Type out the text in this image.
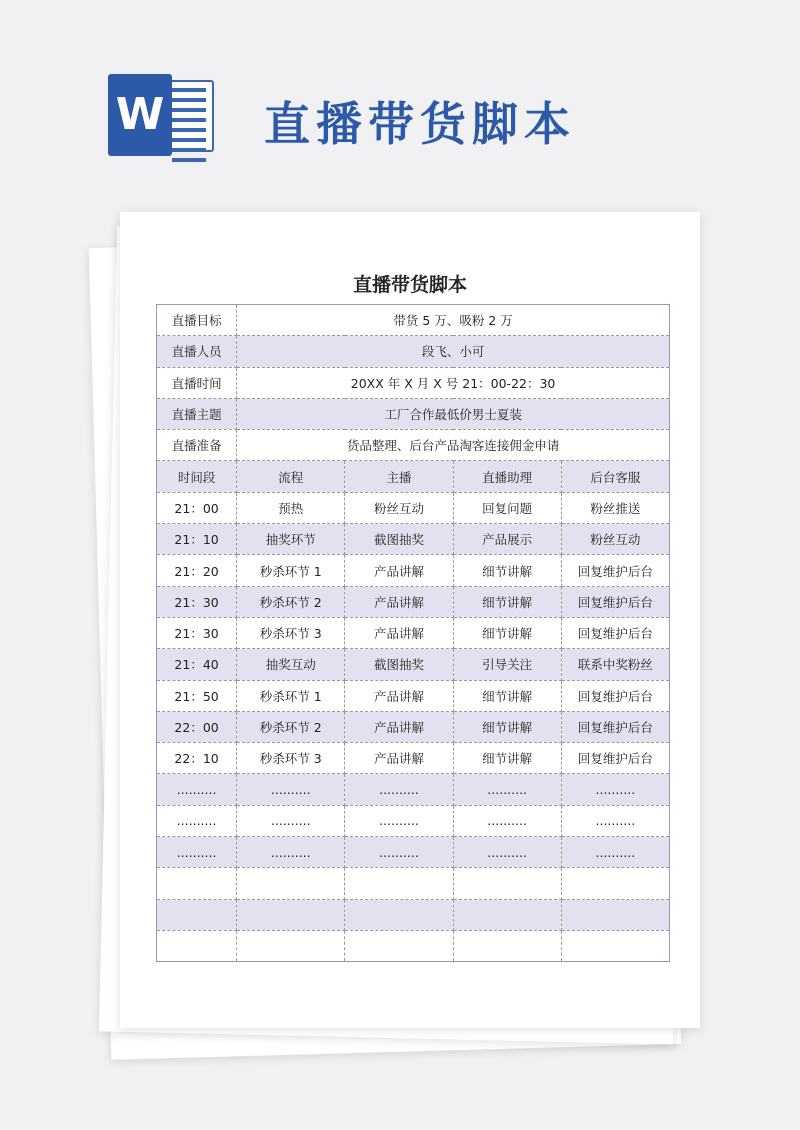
W 直播带货脚本
直播带货脚本
直播目标	带货 5 万、吸粉 2 万			
直播人员	段飞、小可			
直播时间	20XX 年 X 月 X 号 21：00-22：30			
直播主题	工厂合作最低价男士夏装			
直播准备	货品整理、后台产品淘客连接佣金申请			
时间段	流程	主播	直播助理	后台客服
21：00	预热	粉丝互动	回复问题	粉丝推送
21：10	抽奖环节	截图抽奖	产品展示	粉丝互动
21：20	秒杀环节 1	产品讲解	细节讲解	回复维护后台
21：30	秒杀环节 2	产品讲解	细节讲解	回复维护后台
21：30	秒杀环节 3	产品讲解	细节讲解	回复维护后台
21：40	抽奖互动	截图抽奖	引导关注	联系中奖粉丝
21：50	秒杀环节 1	产品讲解	细节讲解	回复维护后台
22：00	秒杀环节 2	产品讲解	细节讲解	回复维护后台
22：10	秒杀环节 3	产品讲解	细节讲解	回复维护后台
..........	..........	..........	..........	..........
..........	..........	..........	..........	..........
..........	..........	..........	..........	..........
